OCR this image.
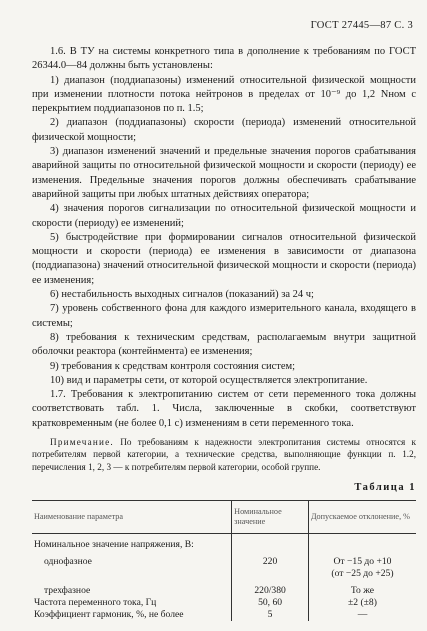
ГОСТ 27445—87 С. 3

1.6. В ТУ на системы конкретного типа в дополнение к требованиям по ГОСТ 26344.0—84 должны быть установлены:

1) диапазон (поддиапазоны) изменений относительной физической мощности при изменении плотности потока нейтронов в пределах от 10⁻⁹ до 1,2 Nном с перекрытием поддиапазонов по п. 1.5;

2) диапазон (поддиапазоны) скорости (периода) изменений относительной физической мощности;

3) диапазон изменений значений и предельные значения порогов срабатывания аварийной защиты по относительной физической мощности и скорости (периоду) ее изменения. Предельные значения порогов должны обеспечивать срабатывание аварийной защиты при любых штатных действиях оператора;

4) значения порогов сигнализации по относительной физической мощности и скорости (периоду) ее изменений;

5) быстродействие при формировании сигналов относительной физической мощности и скорости (периода) ее изменения в зависимости от диапазона (поддиапазона) значений относительной физической мощности и скорости (периода) ее изменения;

6) нестабильность выходных сигналов (показаний) за 24 ч;

7) уровень собственного фона для каждого измерительного канала, входящего в системы;

8) требования к техническим средствам, располагаемым внутри защитной оболочки реактора (контейнмента) ее изменения;

9) требования к средствам контроля состояния систем;

10) вид и параметры сети, от которой осуществляется электропитание.

1.7. Требования к электропитанию систем от сети переменного тока должны соответствовать табл. 1. Числа, заключенные в скобки, соответствуют кратковременным (не более 0,1 с) изменениям в сети переменного тока.

Примечание. По требованиям к надежности электропитания системы относятся к потребителям первой категории, а технические средства, выполняющие функции п. 1.2, перечисления 1, 2, 3 — к потребителям первой категории, особой группе.

Таблица 1
Наименование параметра	Номинальное значение	Допускаемое отклонение, %
Номинальное значение напряжения, В:		
однофазное	220	От −15 до +10
		(от −25 до +25)
трехфазное	220/380	То же
Частота переменного тока, Гц	50, 60	±2 (±8)
Коэффициент гармоник, %, не более	5	—
